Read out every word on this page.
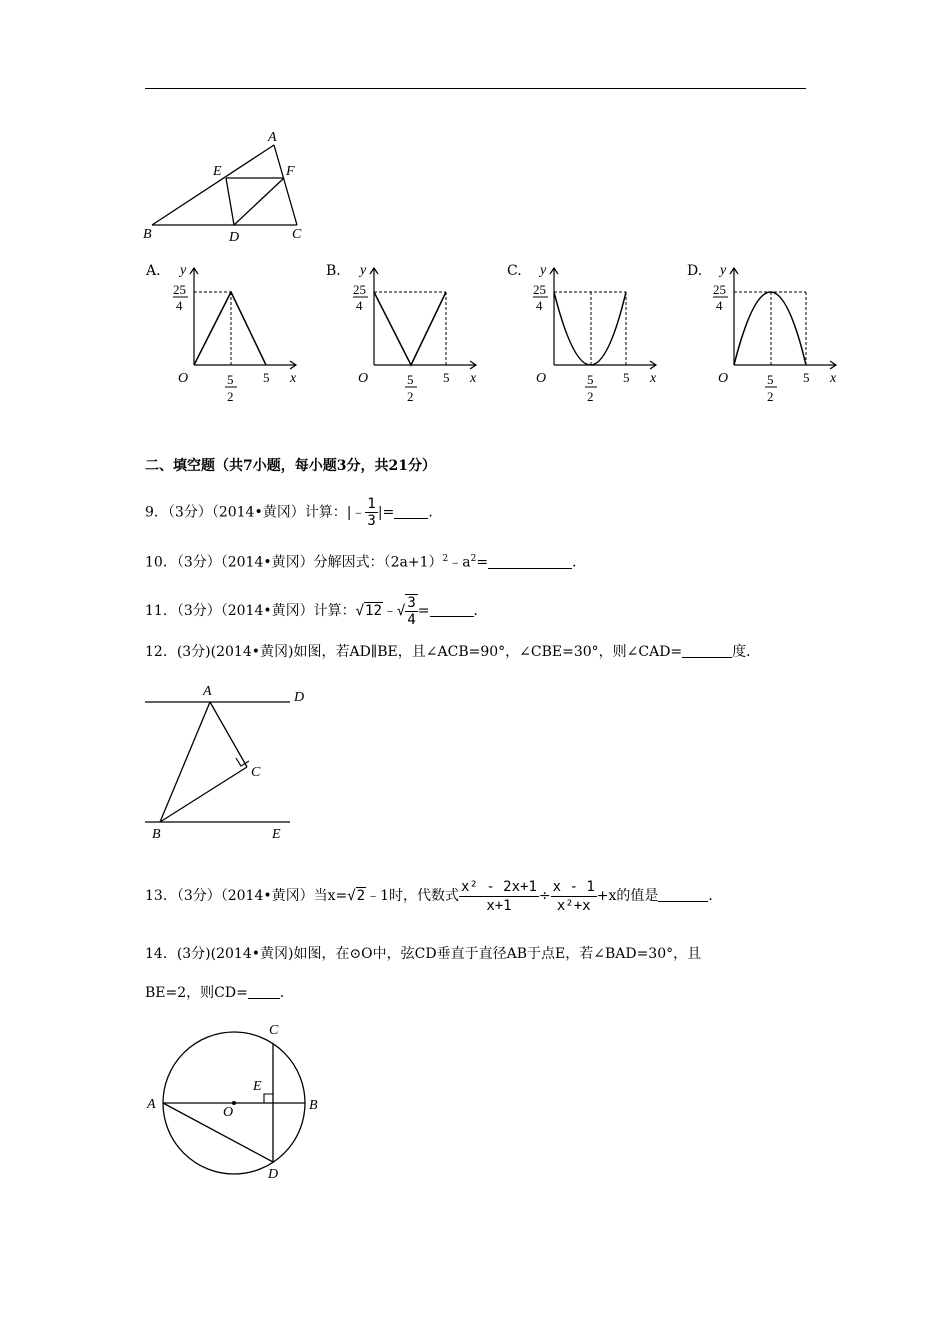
A
E	F
B	D	C
A.	B.	C.	D.
y
25
4
O	5
2
5 x
y
25
4
O	5
2
5 x
y
25
4
O	5
2
5 x
y
25
4
O	5
2
5 x
二、填空题（共7小题，每小题3分，共21分）
9．（3分）（2014•黄冈）计算：|﹣ $\frac{1}{3}$ |= ．
10．（3分）（2014•黄冈）分解因式：$(2a+1)^2﹣a^2=$	．
11．（3分）（2014•黄冈）计算：√12﹣√ $\frac{3}{4}$ =	．
12．(3分)(2014•黄冈)如图，若AD∥BE，且∠ACB=90°，∠CBE=30°，则∠CAD=	度．
A	D
C
B	E
13．（3分）（2014•黄冈）当x=√2﹣1时，代数式 $\frac{\text{x² - 2x+1}}{x+1} \div \frac{x - 1}{\text{x²+x}} +x$的值是	．
14．(3分)(2014•黄冈)如图，在⊙O中，弦CD垂直于直径AB于点E，若∠BAD=30°，且
BE=2，则CD= ．
C
E
A
O	B
D
